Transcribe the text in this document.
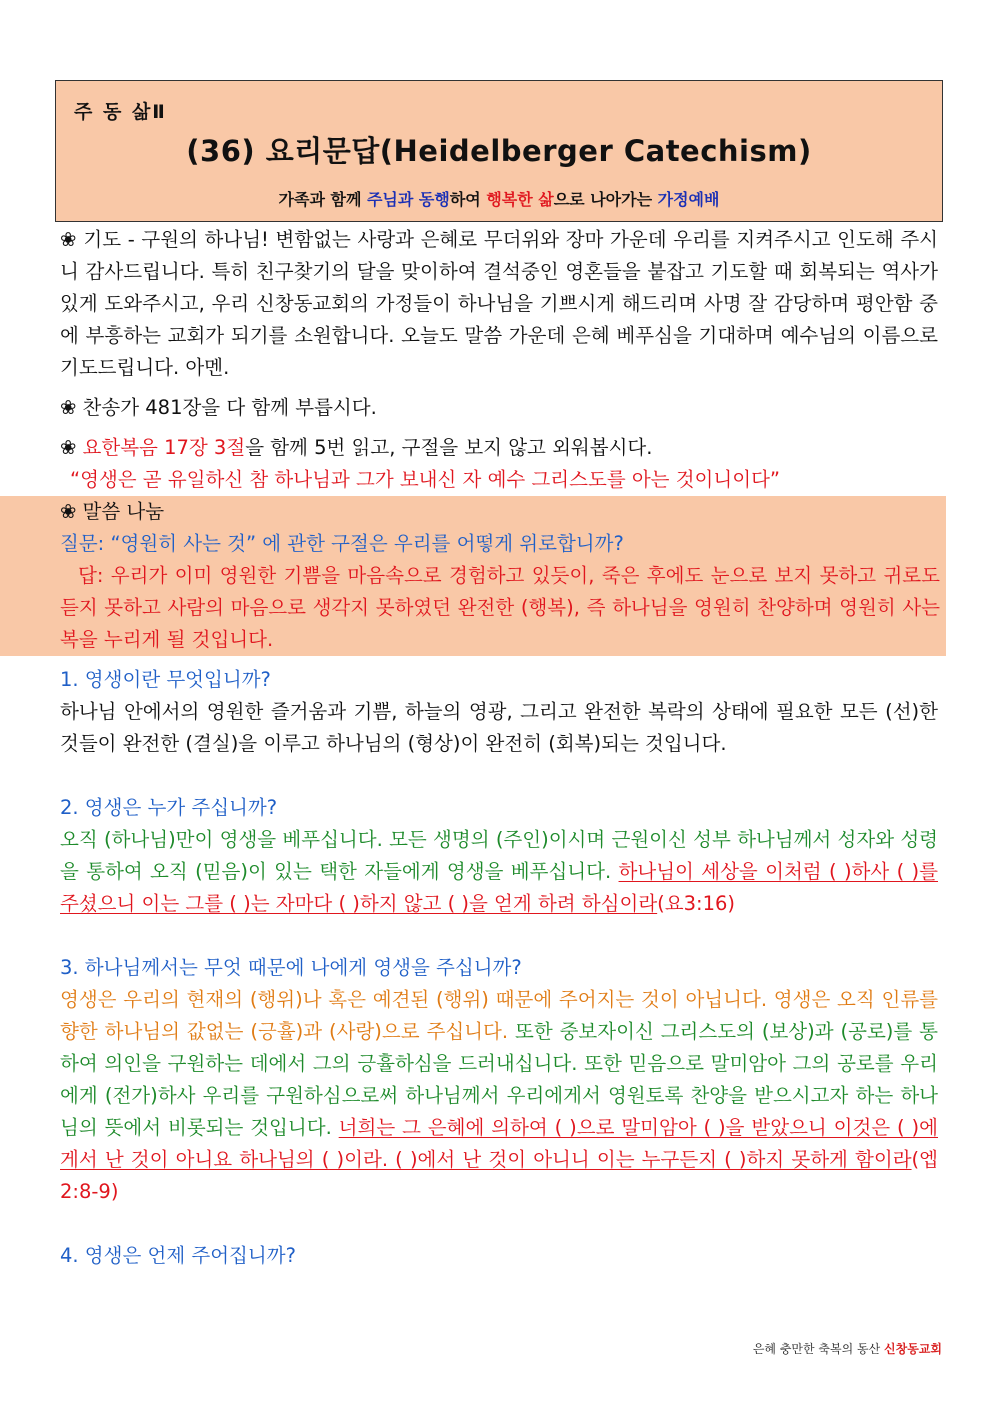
주 동 삶Ⅱ
(36) 요리문답(Heidelberger Catechism)
가족과 함께 주님과 동행하여 행복한 삶으로 나아가는 가정예배

❀ 기도 - 구원의 하나님! 변함없는 사랑과 은혜로 무더위와 장마 가운데 우리를 지켜주시고 인도해 주시니 감사드립니다. 특히 친구찾기의 달을 맞이하여 결석중인 영혼들을 붙잡고 기도할 때 회복되는 역사가 있게 도와주시고, 우리 신창동교회의 가정들이 하나님을 기쁘시게 해드리며 사명 잘 감당하며 평안함 중에 부흥하는 교회가 되기를 소원합니다. 오늘도 말씀 가운데 은혜 베푸심을 기대하며 예수님의 이름으로 기도드립니다. 아멘.

❀ 찬송가 481장을 다 함께 부릅시다.

❀ 요한복음 17장 3절을 함께 5번 읽고, 구절을 보지 않고 외워봅시다.

“영생은 곧 유일하신 참 하나님과 그가 보내신 자 예수 그리스도를 아는 것이니이다”

❀ 말씀 나눔

질문: “영원히 사는 것” 에 관한 구절은 우리를 어떻게 위로합니까?

답: 우리가 이미 영원한 기쁨을 마음속으로 경험하고 있듯이, 죽은 후에도 눈으로 보지 못하고 귀로도 듣지 못하고 사람의 마음으로 생각지 못하였던 완전한 (행복), 즉 하나님을 영원히 찬양하며 영원히 사는 복을 누리게 될 것입니다.

1. 영생이란 무엇입니까?

하나님 안에서의 영원한 즐거움과 기쁨, 하늘의 영광, 그리고 완전한 복락의 상태에 필요한 모든 (선)한 것들이 완전한 (결실)을 이루고 하나님의 (형상)이 완전히 (회복)되는 것입니다.

2. 영생은 누가 주십니까?

오직 (하나님)만이 영생을 베푸십니다. 모든 생명의 (주인)이시며 근원이신 성부 하나님께서 성자와 성령을 통하여 오직 (믿음)이 있는 택한 자들에게 영생을 베푸십니다. 하나님이 세상을 이처럼 ( )하사 ( )를 주셨으니 이는 그를 ( )는 자마다 ( )하지 않고 ( )을 얻게 하려 하심이라(요3:16)

3. 하나님께서는 무엇 때문에 나에게 영생을 주십니까?

영생은 우리의 현재의 (행위)나 혹은 예견된 (행위) 때문에 주어지는 것이 아닙니다. 영생은 오직 인류를 향한 하나님의 값없는 (긍휼)과 (사랑)으로 주십니다. 또한 중보자이신 그리스도의 (보상)과 (공로)를 통하여 의인을 구원하는 데에서 그의 긍휼하심을 드러내십니다. 또한 믿음으로 말미암아 그의 공로를 우리에게 (전가)하사 우리를 구원하심으로써 하나님께서 우리에게서 영원토록 찬양을 받으시고자 하는 하나님의 뜻에서 비롯되는 것입니다. 너희는 그 은혜에 의하여 ( )으로 말미암아 ( )을 받았으니 이것은 ( )에게서 난 것이 아니요 하나님의 ( )이라. ( )에서 난 것이 아니니 이는 누구든지 ( )하지 못하게 함이라(엡2:8-9)

4. 영생은 언제 주어집니까?

은혜 충만한 축복의 동산 신창동교회
